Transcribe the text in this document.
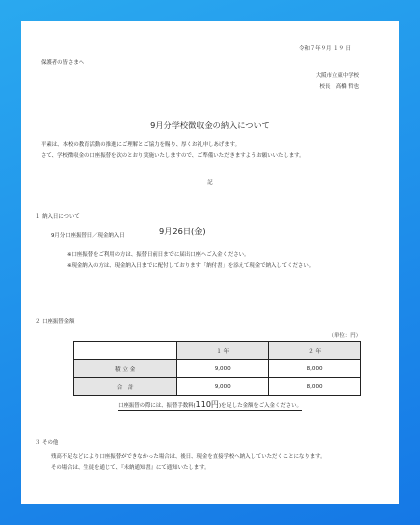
令和７年９月 １９ 日
保護者の皆さまへ
大阪市立東中学校
校長　高橋 哲也
9月分学校徴収金の納入について
平素は、本校の教育活動の推進にご理解とご協力を賜り、厚くお礼申しあげます。
さて、学校徴収金の口座振替を次のとおり実施いたしますので、ご準備いただきますようお願いいたします。
記
１ 納入日について
9月分口座振替日／現金納入日	9月26日(金)
※口座振替をご利用の方は、振替日前日までに届出口座へご入金ください。
※現金納入の方は、現金納入日までに配付しております「納付書」を添えて現金で納入してください。
２ 口座振替金額
（単位：円）
	１ 年	２ 年
積 立 金	9,000	8,000
合　計	9,000	8,000
口座振替の際には、振替手数料(110円)を足した金額をご入金ください。
３ その他
残高不足などにより口座振替ができなかった場合は、後日、現金を直接学校へ納入していただくことになります。
その場合は、生徒を通じて、『未納通知書』にて通知いたします。
